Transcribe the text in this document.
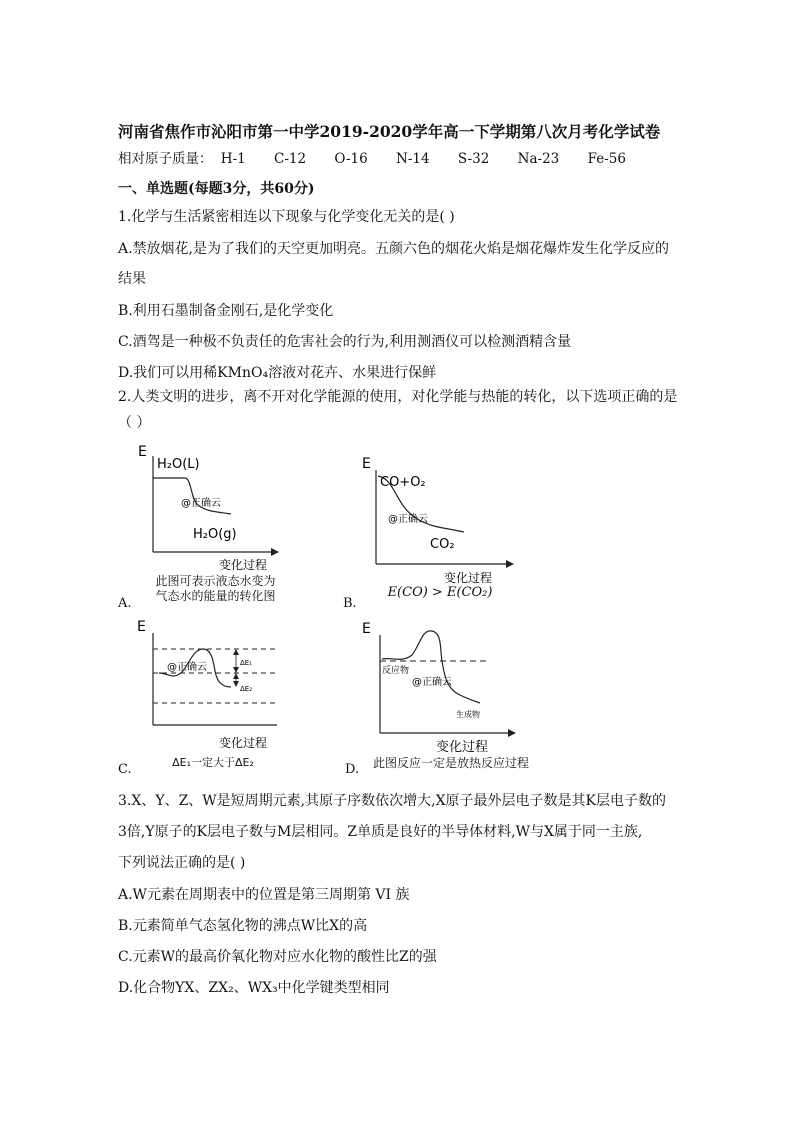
河南省焦作市沁阳市第一中学2019-2020学年高一下学期第八次月考化学试卷
相对原子质量： H-1 C-12 O-16 N-14 S-32 Na-23 Fe-56
一、单选题(每题3分，共60分)
1.化学与生活紧密相连以下现象与化学变化无关的是( )
A.禁放烟花,是为了我们的天空更加明亮。五颜六色的烟花火焰是烟花爆炸发生化学反应的
结果
B.利用石墨制备金刚石,是化学变化
C.酒驾是一种极不负责任的危害社会的行为,利用测酒仪可以检测酒精含量
D.我们可以用稀KMnO₄溶液对花卉、水果进行保鲜
2.人类文明的进步，离不开对化学能源的使用，对化学能与热能的转化，以下选项正确的是
（ ）
E
H₂O(L)
@正确云
H₂O(g)
变化过程
此图可表示液态水变为
气态水的能量的转化图
A.
E
CO+O₂
@正确云
CO₂
变化过程
E(CO) > E(CO₂)
B.
E
@正确云	ΔE₁
ΔE₂
变化过程
ΔE₁一定大于ΔE₂
C.
E
反应物
@正确云
生成物
变化过程
此图反应一定是放热反应过程
D.
3.X、Y、Z、W是短周期元素,其原子序数依次增大,X原子最外层电子数是其K层电子数的
3倍,Y原子的K层电子数与M层相同。Z单质是良好的半导体材料,W与X属于同一主族,
下列说法正确的是( )
A.W元素在周期表中的位置是第三周期第 VI 族
B.元素简单气态氢化物的沸点W比X的高
C.元素W的最高价氧化物对应水化物的酸性比Z的强
D.化合物YX、ZX₂、WX₃中化学键类型相同
